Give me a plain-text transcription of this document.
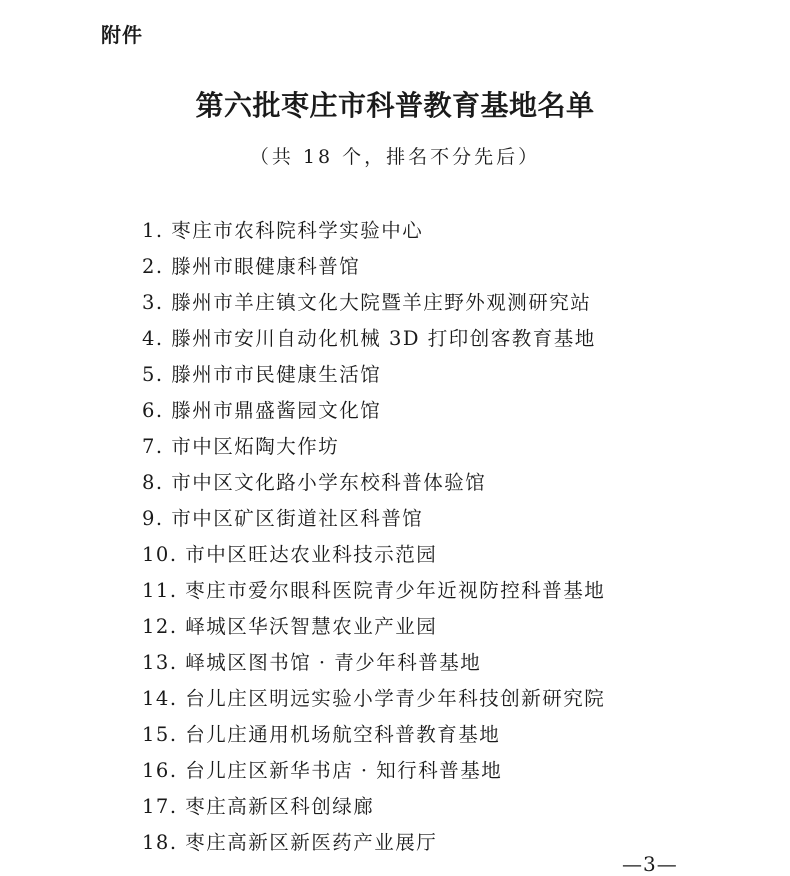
附件
第六批枣庄市科普教育基地名单
（共 18 个，排名不分先后）
1. 枣庄市农科院科学实验中心
2. 滕州市眼健康科普馆
3. 滕州市羊庄镇文化大院暨羊庄野外观测研究站
4. 滕州市安川自动化机械 3D 打印创客教育基地
5. 滕州市市民健康生活馆
6. 滕州市鼎盛酱园文化馆
7. 市中区炻陶大作坊
8. 市中区文化路小学东校科普体验馆
9. 市中区矿区街道社区科普馆
10. 市中区旺达农业科技示范园
11. 枣庄市爱尔眼科医院青少年近视防控科普基地
12. 峄城区华沃智慧农业产业园
13. 峄城区图书馆 · 青少年科普基地
14. 台儿庄区明远实验小学青少年科技创新研究院
15. 台儿庄通用机场航空科普教育基地
16. 台儿庄区新华书店 · 知行科普基地
17. 枣庄高新区科创绿廊
18. 枣庄高新区新医药产业展厅
—3—
